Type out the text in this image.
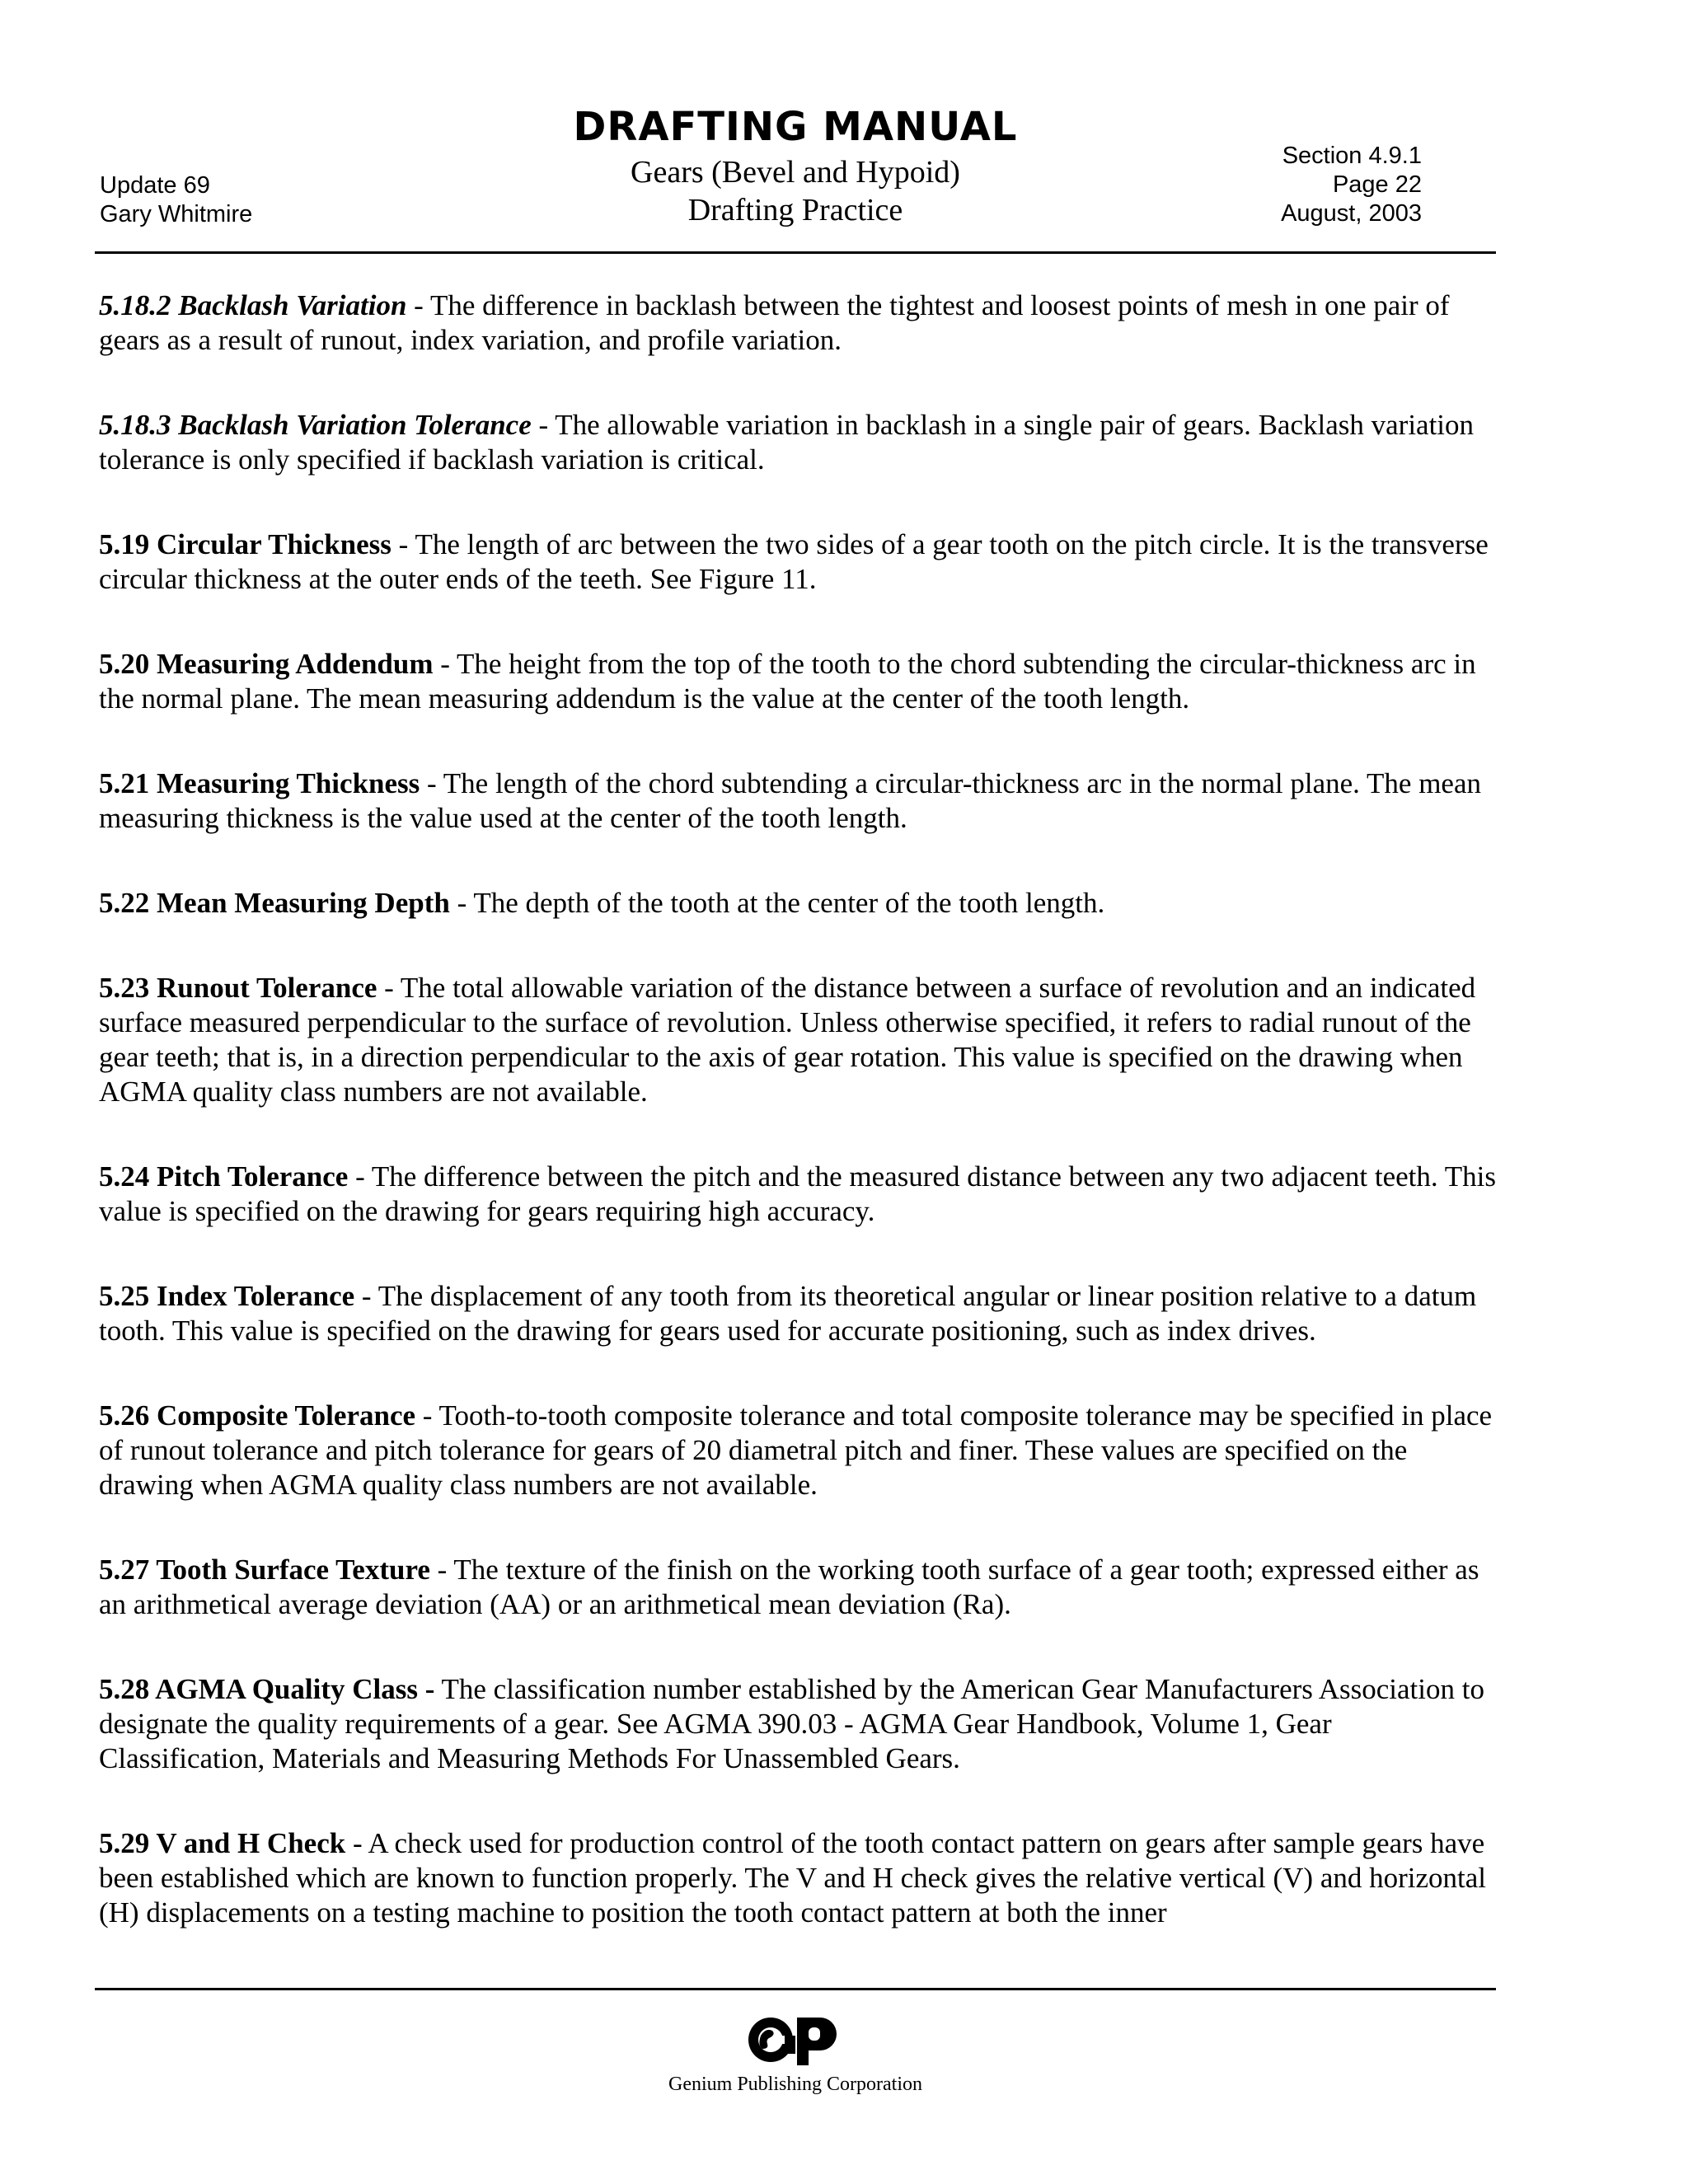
Update 69
Gary Whitmire
DRAFTING MANUAL
Gears (Bevel and Hypoid)
Drafting Practice
Section 4.9.1
Page 22
August, 2003

5.18.2 Backlash Variation - The difference in backlash between the tightest and loosest points of mesh in one pair of gears as a result of runout, index variation, and profile variation.

5.18.3 Backlash Variation Tolerance - The allowable variation in backlash in a single pair of gears. Backlash variation tolerance is only specified if backlash variation is critical.

5.19 Circular Thickness - The length of arc between the two sides of a gear tooth on the pitch circle. It is the transverse circular thickness at the outer ends of the teeth. See Figure 11.

5.20 Measuring Addendum - The height from the top of the tooth to the chord subtending the circular-thickness arc in the normal plane. The mean measuring addendum is the value at the center of the tooth length.

5.21 Measuring Thickness - The length of the chord subtending a circular-thickness arc in the normal plane. The mean measuring thickness is the value used at the center of the tooth length.

5.22 Mean Measuring Depth - The depth of the tooth at the center of the tooth length.

5.23 Runout Tolerance - The total allowable variation of the distance between a surface of revolution and an indicated surface measured perpendicular to the surface of revolution. Unless otherwise specified, it refers to radial runout of the gear teeth; that is, in a direction perpendicular to the axis of gear rotation. This value is specified on the drawing when AGMA quality class numbers are not available.

5.24 Pitch Tolerance - The difference between the pitch and the measured distance between any two adjacent teeth. This value is specified on the drawing for gears requiring high accuracy.

5.25 Index Tolerance - The displacement of any tooth from its theoretical angular or linear position relative to a datum tooth. This value is specified on the drawing for gears used for accurate positioning, such as index drives.

5.26 Composite Tolerance - Tooth-to-tooth composite tolerance and total composite tolerance may be specified in place of runout tolerance and pitch tolerance for gears of 20 diametral pitch and finer. These values are specified on the drawing when AGMA quality class numbers are not available.

5.27 Tooth Surface Texture - The texture of the finish on the working tooth surface of a gear tooth; expressed either as an arithmetical average deviation (AA) or an arithmetical mean deviation (Ra).

5.28 AGMA Quality Class - The classification number established by the American Gear Manufacturers Association to designate the quality requirements of a gear. See AGMA 390.03 - AGMA Gear Handbook, Volume 1, Gear Classification, Materials and Measuring Methods For Unassembled Gears.

5.29 V and H Check - A check used for production control of the tooth contact pattern on gears after sample gears have been established which are known to function properly. The V and H check gives the relative vertical (V) and horizontal (H) displacements on a testing machine to position the tooth contact pattern at both the inner

Genium Publishing Corporation
